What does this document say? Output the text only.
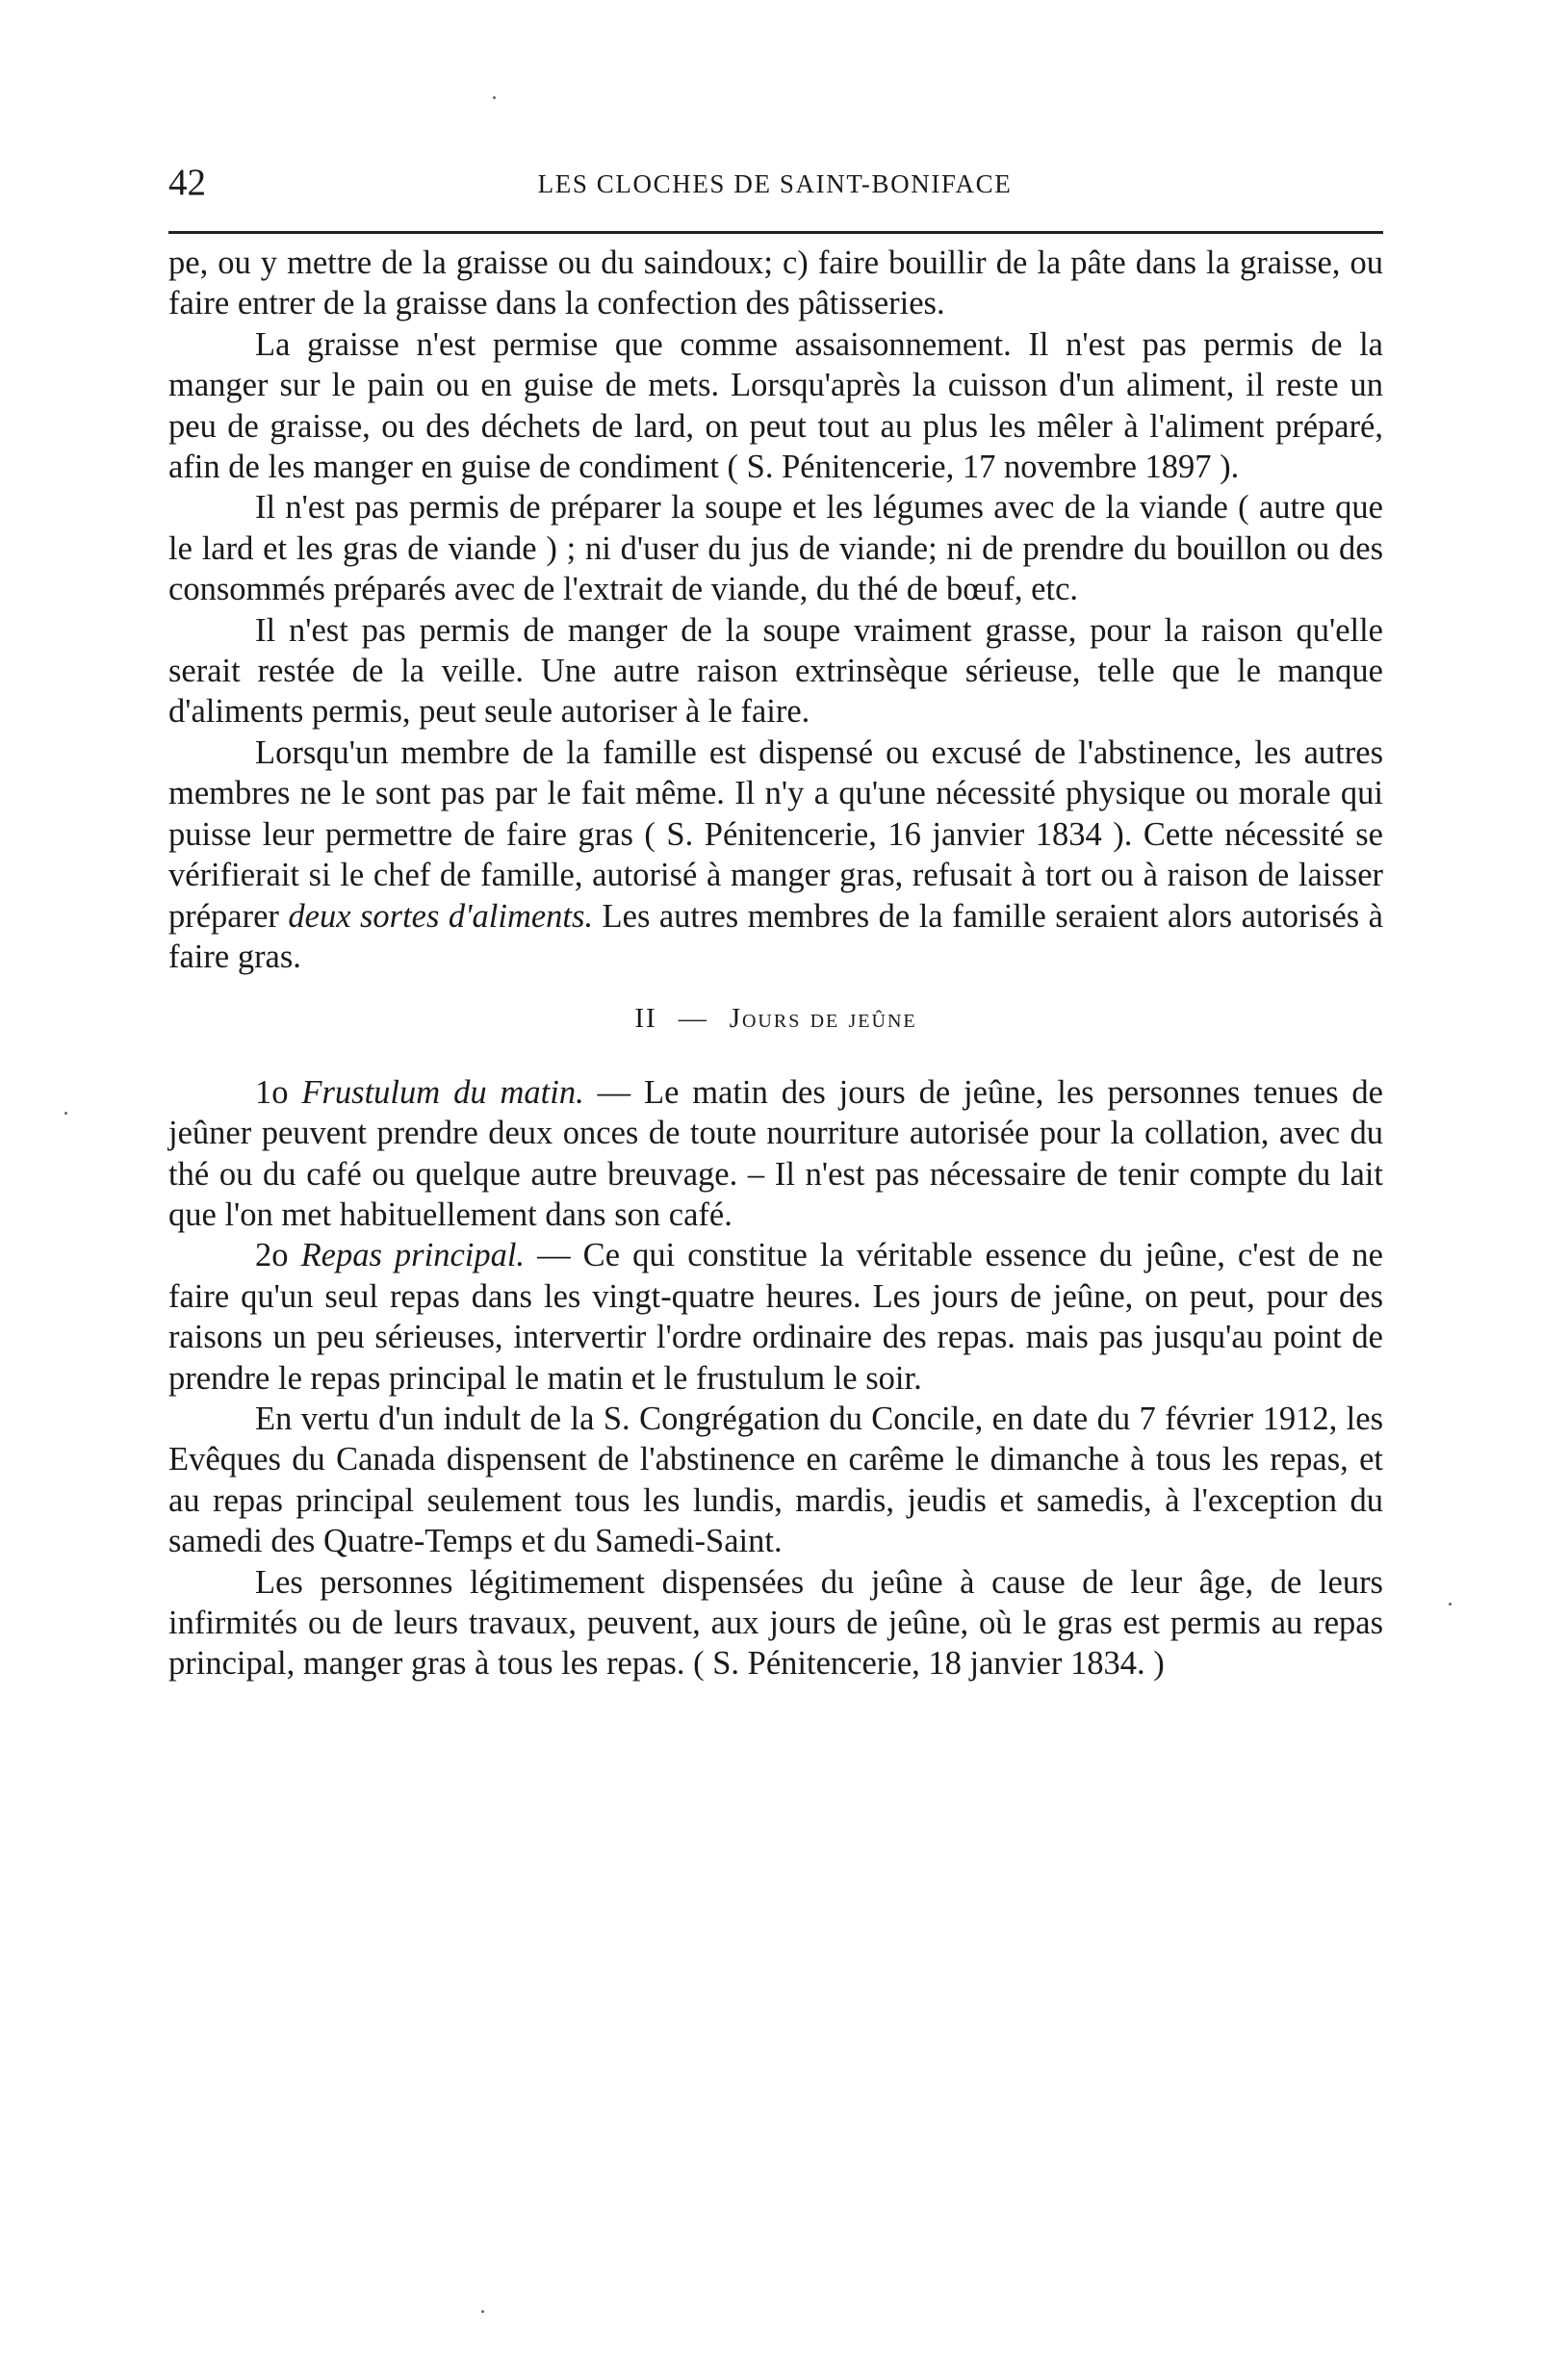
42	LES CLOCHES DE SAINT-BONIFACE

pe, ou y mettre de la graisse ou du saindoux; c) faire bouillir de la pâte dans la graisse, ou faire entrer de la graisse dans la confection des pâtisseries.

La graisse n'est permise que comme assaisonnement. Il n'est pas permis de la manger sur le pain ou en guise de mets. Lorsqu'après la cuisson d'un aliment, il reste un peu de graisse, ou des déchets de lard, on peut tout au plus les mêler à l'aliment préparé, afin de les manger en guise de condiment ( S. Pénitencerie, 17 novembre 1897 ).

Il n'est pas permis de préparer la soupe et les légumes avec de la viande ( autre que le lard et les gras de viande ) ; ni d'user du jus de viande; ni de prendre du bouillon ou des consommés préparés avec de l'extrait de viande, du thé de bœuf, etc.

Il n'est pas permis de manger de la soupe vraiment grasse, pour la raison qu'elle serait restée de la veille. Une autre raison extrinsèque sérieuse, telle que le manque d'aliments permis, peut seule autoriser à le faire.

Lorsqu'un membre de la famille est dispensé ou excusé de l'abstinence, les autres membres ne le sont pas par le fait même. Il n'y a qu'une nécessité physique ou morale qui puisse leur permettre de faire gras ( S. Pénitencerie, 16 janvier 1834 ). Cette nécessité se vérifierait si le chef de famille, autorisé à manger gras, refusait à tort ou à raison de laisser préparer deux sortes d'aliments. Les autres membres de la famille seraient alors autorisés à faire gras.

II — Jours de jeûne

1o Frustulum du matin. — Le matin des jours de jeûne, les personnes tenues de jeûner peuvent prendre deux onces de toute nourriture autorisée pour la collation, avec du thé ou du café ou quelque autre breuvage. – Il n'est pas nécessaire de tenir compte du lait que l'on met habituellement dans son café.

2o Repas principal. — Ce qui constitue la véritable essence du jeûne, c'est de ne faire qu'un seul repas dans les vingt-quatre heures. Les jours de jeûne, on peut, pour des raisons un peu sérieuses, intervertir l'ordre ordinaire des repas. mais pas jusqu'au point de prendre le repas principal le matin et le frustulum le soir.

En vertu d'un indult de la S. Congrégation du Concile, en date du 7 février 1912, les Evêques du Canada dispensent de l'abstinence en carême le dimanche à tous les repas, et au repas principal seulement tous les lundis, mardis, jeudis et samedis, à l'exception du samedi des Quatre-Temps et du Samedi-Saint.

Les personnes légitimement dispensées du jeûne à cause de leur âge, de leurs infirmités ou de leurs travaux, peuvent, aux jours de jeûne, où le gras est permis au repas principal, manger gras à tous les repas. ( S. Pénitencerie, 18 janvier 1834. )
